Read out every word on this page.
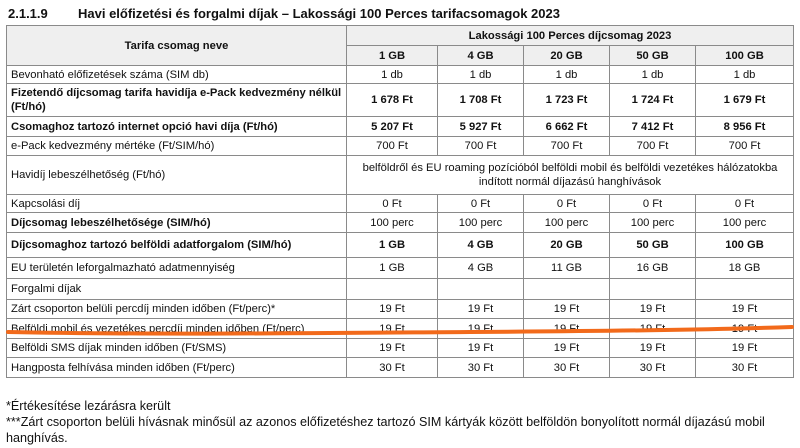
2.1.1.9	Havi előfizetési és forgalmi díjak – Lakossági 100 Perces tarifacsomagok 2023
Tarifa csomag neve	Lakossági 100 Perces díjcsomag 2023				
	1 GB	4 GB	20 GB	50 GB	100 GB
Bevonható előfizetések száma (SIM db)	1 db	1 db	1 db	1 db	1 db
Fizetendő díjcsomag tarifa havidíja e-Pack kedvezmény nélkül (Ft/hó)	1 678 Ft	1 708 Ft	1 723 Ft	1 724 Ft	1 679 Ft
Csomaghoz tartozó internet opció havi díja (Ft/hó)	5 207 Ft	5 927 Ft	6 662 Ft	7 412 Ft	8 956 Ft
e-Pack kedvezmény mértéke (Ft/SIM/hó)	700 Ft	700 Ft	700 Ft	700 Ft	700 Ft
Havidíj lebeszélhetőség (Ft/hó)	belföldről és EU roaming pozícióból belföldi mobil és belföldi vezetékes hálózatokba indított normál díjazású hanghívások				
Kapcsolási díj	0 Ft	0 Ft	0 Ft	0 Ft	0 Ft
Díjcsomag lebeszélhetősége (SIM/hó)	100 perc	100 perc	100 perc	100 perc	100 perc
Díjcsomaghoz tartozó belföldi adatforgalom (SIM/hó)	1 GB	4 GB	20 GB	50 GB	100 GB
EU területén leforgalmazható adatmennyiség	1 GB	4 GB	11 GB	16 GB	18 GB
Forgalmi díjak					
Zárt csoporton belüli percdíj minden időben (Ft/perc)*	19 Ft	19 Ft	19 Ft	19 Ft	19 Ft
Belföldi mobil és vezetékes percdíj minden időben (Ft/perc)	19 Ft	19 Ft	19 Ft	19 Ft	19 Ft
Belföldi SMS díjak minden időben (Ft/SMS)	19 Ft	19 Ft	19 Ft	19 Ft	19 Ft
Hangposta felhívása minden időben (Ft/perc)	30 Ft	30 Ft	30 Ft	30 Ft	30 Ft

*Értékesítése lezárásra került

***Zárt csoporton belüli hívásnak minősül az azonos előfizetéshez tartozó SIM kártyák között belföldön bonyolított normál díjazású mobil hanghívás.
